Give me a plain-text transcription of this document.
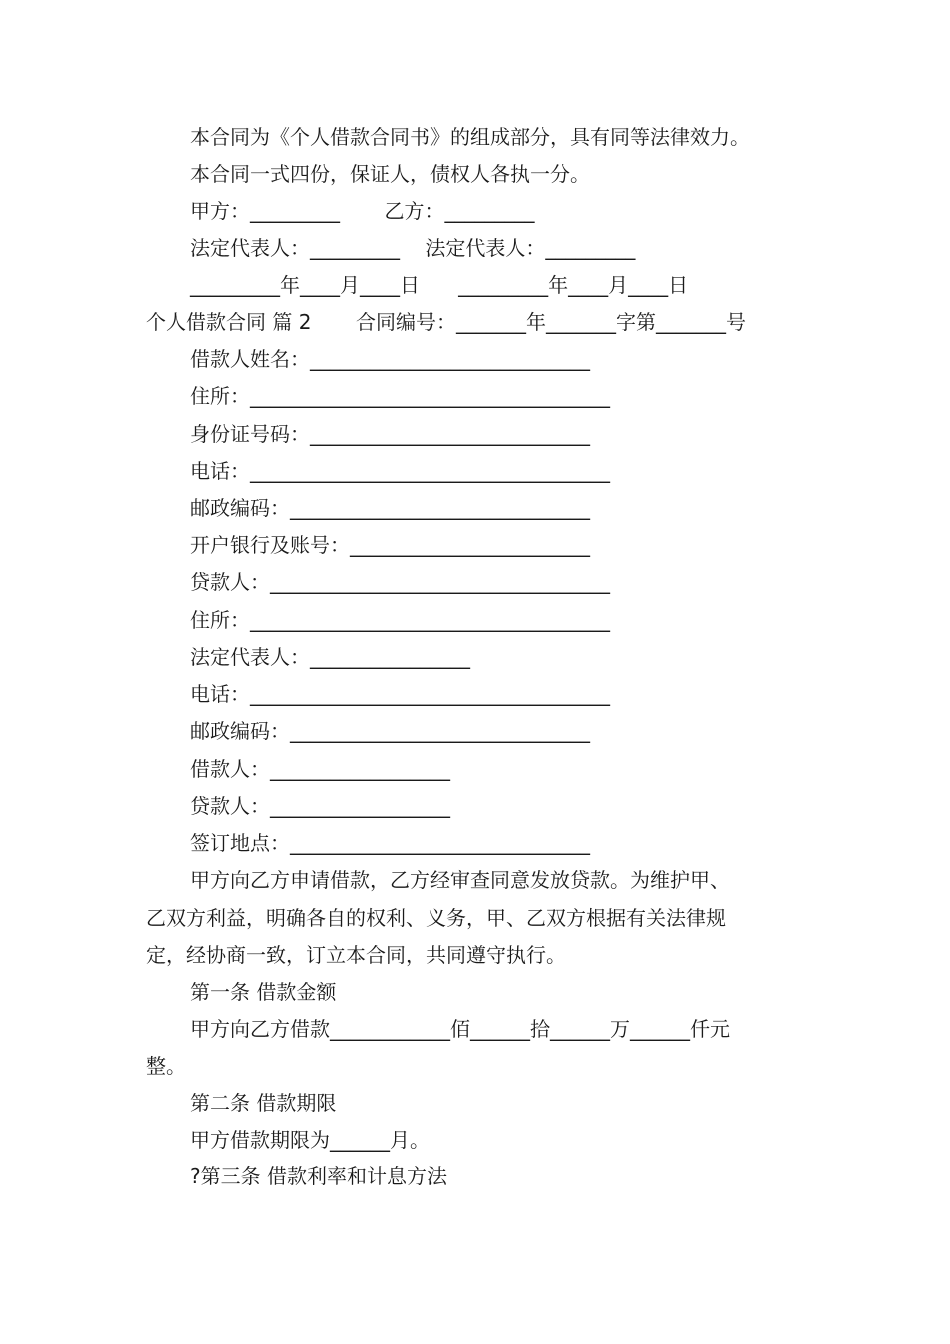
本合同为《个人借款合同书》的组成部分，具有同等法律效力。
本合同一式四份，保证人，债权人各执一分。
甲方：_________       乙方：_________
法定代表人：_________    法定代表人：_________
_________年____月____日      _________年____月____日
个人借款合同 篇 2       合同编号：_______年_______字第_______号
借款人姓名：____________________________
住所：____________________________________
身份证号码：____________________________
电话：____________________________________
邮政编码：______________________________
开户银行及账号：________________________
贷款人：__________________________________
住所：____________________________________
法定代表人：________________
电话：____________________________________
邮政编码：______________________________
借款人：__________________
贷款人：__________________
签订地点：______________________________
甲方向乙方申请借款，乙方经审查同意发放贷款。为维护甲、
乙双方利益，明确各自的权利、义务，甲、乙双方根据有关法律规
定，经协商一致，订立本合同，共同遵守执行。
第一条 借款金额
甲方向乙方借款____________佰______拾______万______仟元
整。
第二条 借款期限
甲方借款期限为______月。
?第三条 借款利率和计息方法
